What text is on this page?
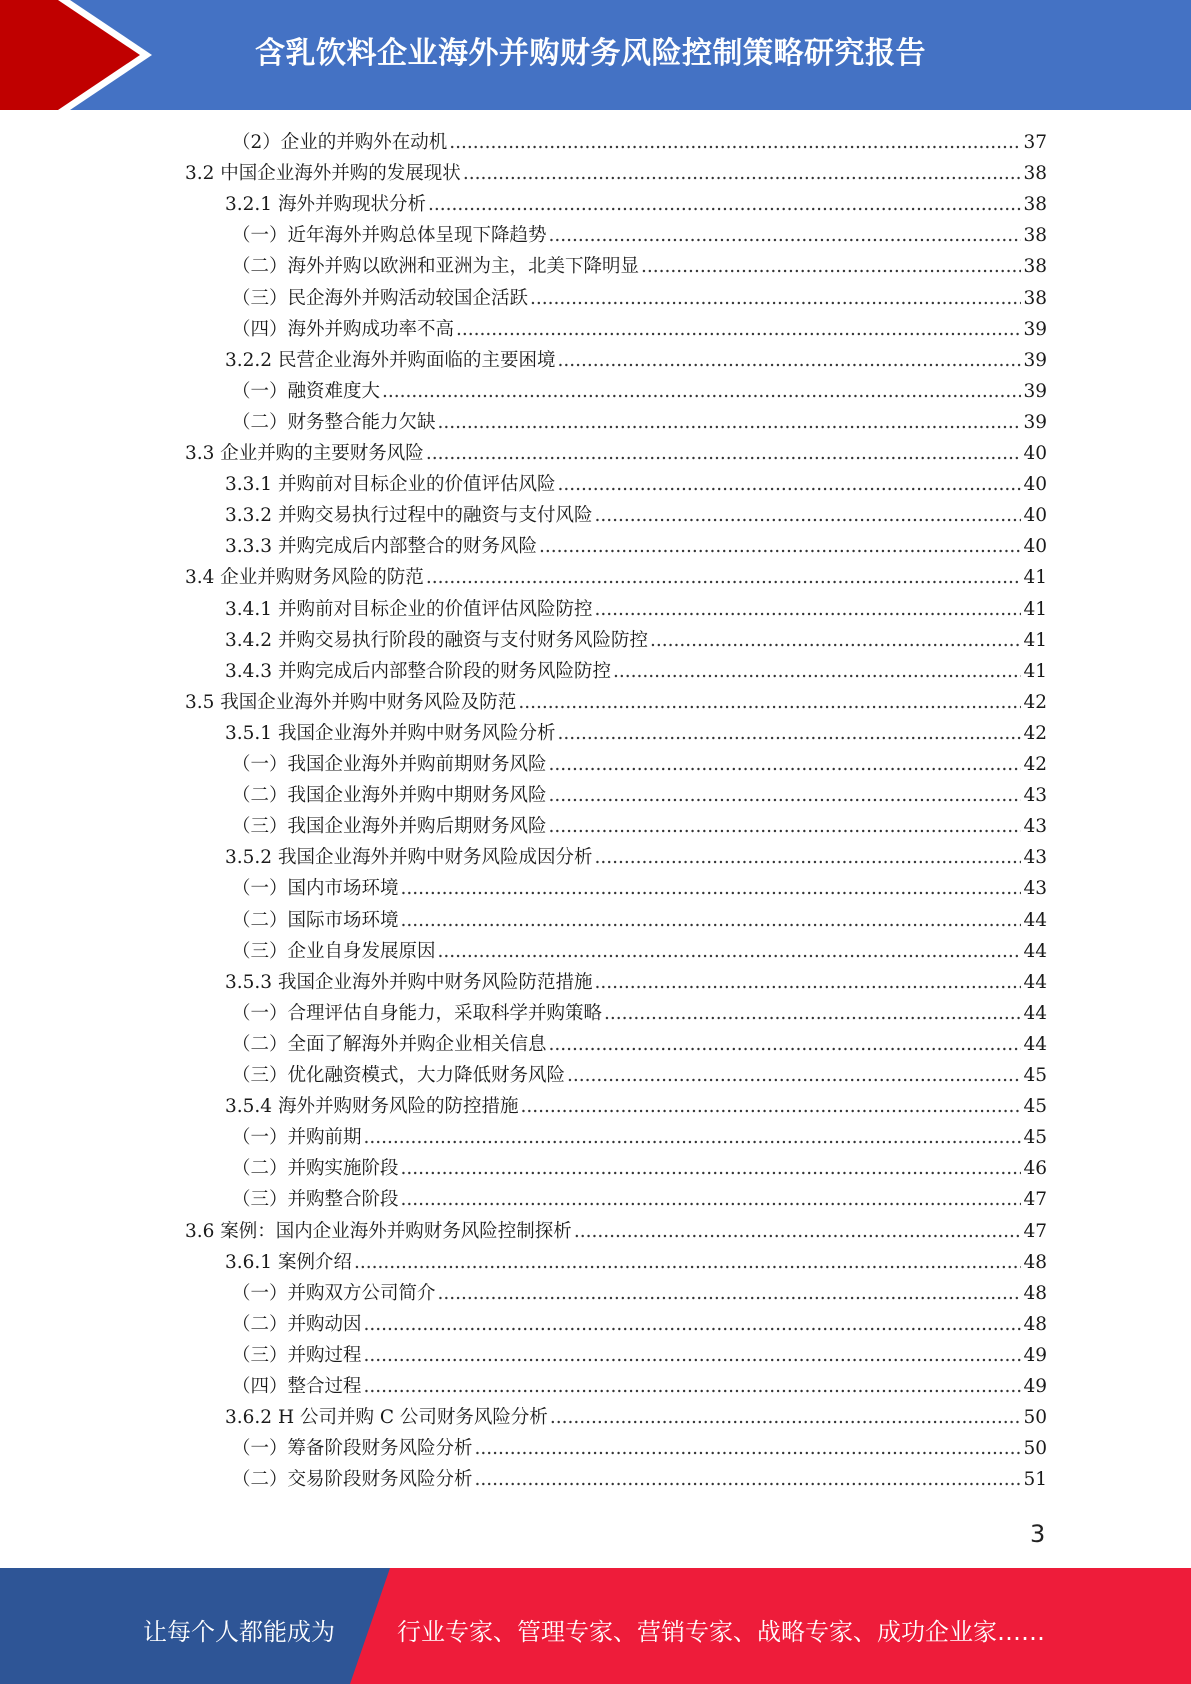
含乳饮料企业海外并购财务风险控制策略研究报告
（2）企业的并购外在动机 .....	37
3.2 中国企业海外并购的发展现状 .....	38
3.2.1 海外并购现状分析 .....	38
（一）近年海外并购总体呈现下降趋势 .....	38
（二）海外并购以欧洲和亚洲为主，北美下降明显 .....	38
（三）民企海外并购活动较国企活跃 .....	38
（四）海外并购成功率不高 .....	39
3.2.2 民营企业海外并购面临的主要困境 .....	39
（一）融资难度大 .....	39
（二）财务整合能力欠缺 .....	39
3.3 企业并购的主要财务风险 .....	40
3.3.1 并购前对目标企业的价值评估风险 .....	40
3.3.2 并购交易执行过程中的融资与支付风险 .....	40
3.3.3 并购完成后内部整合的财务风险 .....	40
3.4 企业并购财务风险的防范 .....	41
3.4.1 并购前对目标企业的价值评估风险防控 .....	41
3.4.2 并购交易执行阶段的融资与支付财务风险防控 .....	41
3.4.3 并购完成后内部整合阶段的财务风险防控 .....	41
3.5 我国企业海外并购中财务风险及防范 .....	42
3.5.1 我国企业海外并购中财务风险分析 .....	42
（一）我国企业海外并购前期财务风险 .....	42
（二）我国企业海外并购中期财务风险 .....	43
（三）我国企业海外并购后期财务风险 .....	43
3.5.2 我国企业海外并购中财务风险成因分析 .....	43
（一）国内市场环境 .....	43
（二）国际市场环境 .....	44
（三）企业自身发展原因 .....	44
3.5.3 我国企业海外并购中财务风险防范措施 .....	44
（一）合理评估自身能力，采取科学并购策略 .....	44
（二）全面了解海外并购企业相关信息 .....	44
（三）优化融资模式，大力降低财务风险 .....	45
3.5.4 海外并购财务风险的防控措施 .....	45
（一）并购前期 .....	45
（二）并购实施阶段 .....	46
（三）并购整合阶段 .....	47
3.6 案例：国内企业海外并购财务风险控制探析 .....	47
3.6.1 案例介绍 .....	48
（一）并购双方公司简介 .....	48
（二）并购动因 .....	48
（三）并购过程 .....	49
（四）整合过程 .....	49
3.6.2 H 公司并购 C 公司财务风险分析 .....	50
（一）筹备阶段财务风险分析 .....	50
（二）交易阶段财务风险分析 .....	51
3
让每个人都能成为	行业专家、管理专家、营销专家、战略专家、成功企业家……
